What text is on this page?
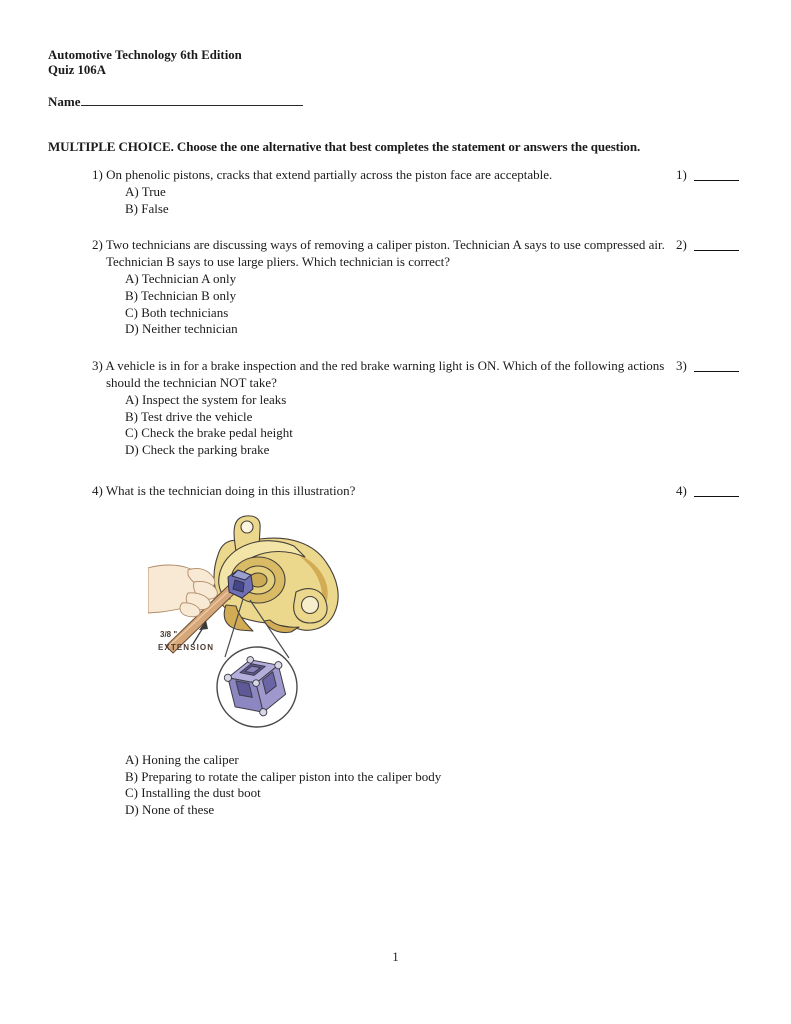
Automotive Technology 6th Edition
Quiz 106A
Name
MULTIPLE CHOICE. Choose the one alternative that best completes the statement or answers the question.
1) On phenolic pistons, cracks that extend partially across the piston face are acceptable.
A) True
B) False
1)
2) Two technicians are discussing ways of removing a caliper piston. Technician A says to use compressed air. Technician B says to use large pliers. Which technician is correct?
A) Technician A only
B) Technician B only
C) Both technicians
D) Neither technician
2)
3) A vehicle is in for a brake inspection and the red brake warning light is ON. Which of the following actions should the technician NOT take?
A) Inspect the system for leaks
B) Test drive the vehicle
C) Check the brake pedal height
D) Check the parking brake
3)
4) What is the technician doing in this illustration?
3/8 "
EXTENSION
A) Honing the caliper
B) Preparing to rotate the caliper piston into the caliper body
C) Installing the dust boot
D) None of these
4)
1
